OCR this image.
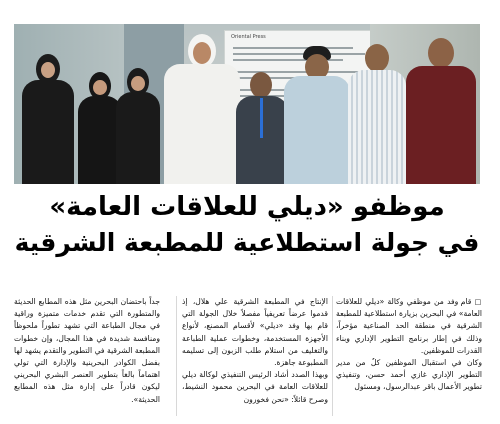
Oriental Press
موظفو «ديلي للعلاقات العامة»
في جولة استطلاعية للمطبعة الشرقية

□ قام وفد من موظفي وكالة «ديلي للعلاقات العامة» في البحرين بزيارة استطلاعية للمطبعة الشرقية في منطقة الحد الصناعية مؤخراً، وذلك في إطار برنامج التطوير الإداري وبناء القدرات للموظفين.

وكان في استقبال الموظفين كلٌ من مدير التطوير الإداري غازي أحمد حسن، وتنفيذي تطوير الأعمال باقر عبدالرسول، ومسئول

الإنتاج في المطبعة الشرقية علي هلال، إذ قدموا عرضاً تعريفياً مفصلاً خلال الجولة التي قام بها وفد «ديلي» لأقسام المصنع، لأنواع الأجهزة المستخدمة، وخطوات عملية الطباعة والتغليف من استلام طلب الزبون إلى تسليمه المطبوعة جاهزة.

وبهذا الصدد أشاد الرئيس التنفيذي لوكالة ديلي للعلاقات العامة في البحرين محمود النشيط، وصرح قائلاً: «نحن فخورون

جداً باحتضان البحرين مثل هذه المطابع الحديثة والمتطورة التي تقدم خدمات متميزة وراقية في مجال الطباعة التي تشهد تطوراً ملحوظاً ومنافسة شديدة في هذا المجال، وإن خطوات المطبعة الشرقية في التطوير والتقدم يشهد لها بفضل الكوادر البحرينية والإدارة التي تولي اهتماماً بالغاً بتطوير العنصر البشري البحريني ليكون قادراً على إدارة مثل هذه المطابع الحديثة».
